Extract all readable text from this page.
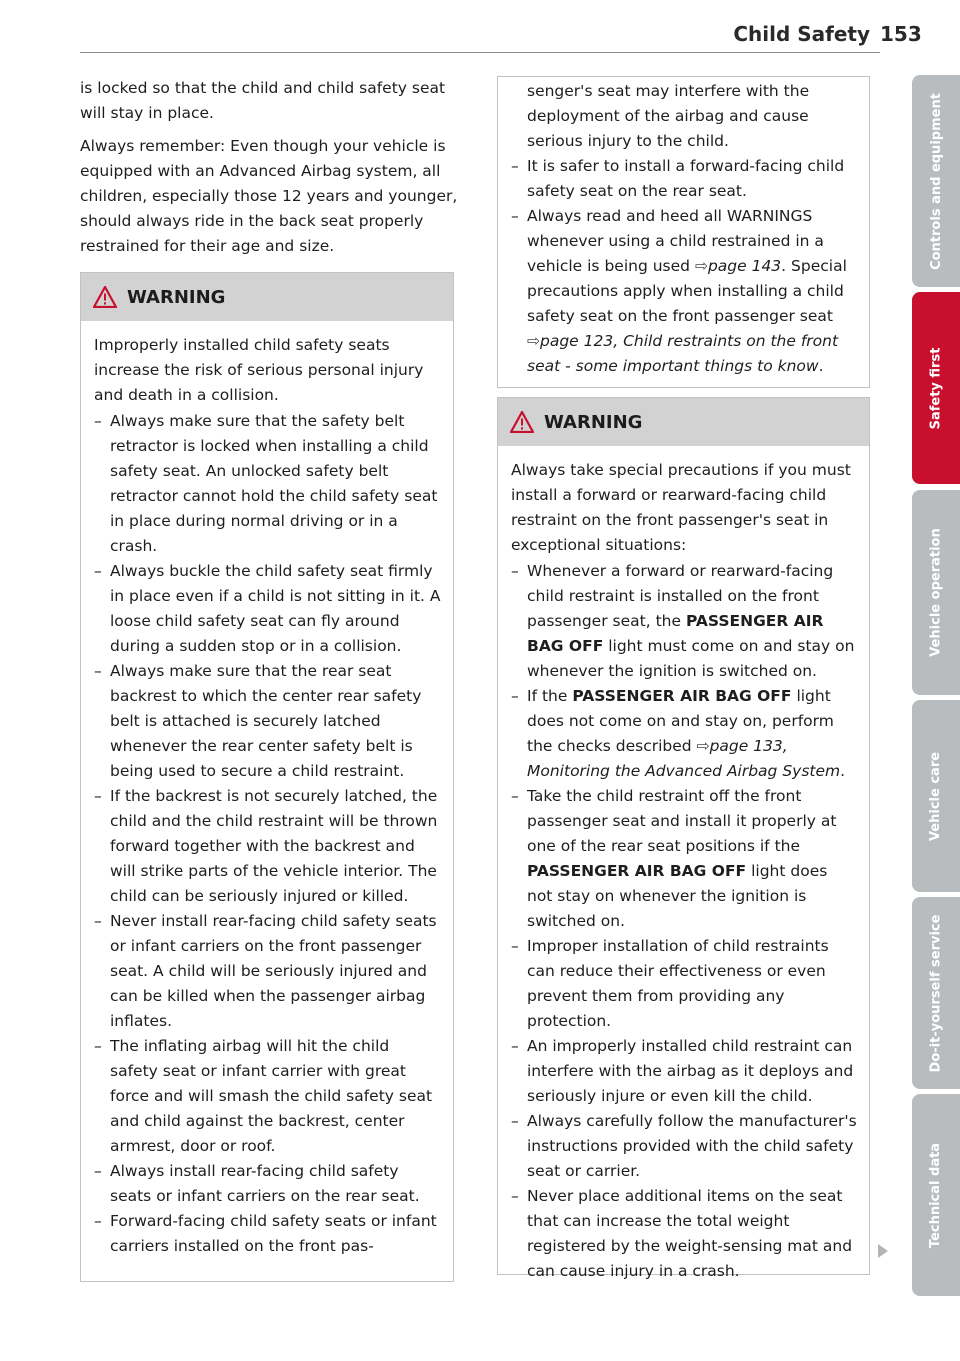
Child Safety 153

is locked so that the child and child safety seat will stay in place.

Always remember: Even though your vehicle is equipped with an Advanced Airbag system, all children, especially those 12 years and younger, should always ride in the back seat properly restrained for their age and size.

WARNING

Improperly installed child safety seats increase the risk of serious personal injury and death in a collision.

– Always make sure that the safety belt retractor is locked when installing a child safety seat. An unlocked safety belt retractor cannot hold the child safety seat in place during normal driving or in a crash.
– Always buckle the child safety seat firmly in place even if a child is not sitting in it. A loose child safety seat can fly around during a sudden stop or in a collision.
– Always make sure that the rear seat backrest to which the center rear safety belt is attached is securely latched whenever the rear center safety belt is being used to secure a child restraint.
– If the backrest is not securely latched, the child and the child restraint will be thrown forward together with the backrest and will strike parts of the vehicle interior. The child can be seriously injured or killed.
– Never install rear-facing child safety seats or infant carriers on the front passenger seat. A child will be seriously injured and can be killed when the passenger airbag inflates.
– The inflating airbag will hit the child safety seat or infant carrier with great force and will smash the child safety seat and child against the backrest, center armrest, door or roof.
– Always install rear-facing child safety seats or infant carriers on the rear seat.
– Forward-facing child safety seats or infant carriers installed on the front pas-
senger's seat may interfere with the deployment of the airbag and cause serious injury to the child.
– It is safer to install a forward-facing child safety seat on the rear seat.
– Always read and heed all WARNINGS whenever using a child restrained in a vehicle is being used ⇨page 143. Special precautions apply when installing a child safety seat on the front passenger seat ⇨page 123, Child restraints on the front seat - some important things to know.
WARNING

Always take special precautions if you must install a forward or rearward-facing child restraint on the front passenger's seat in exceptional situations:

– Whenever a forward or rearward-facing child restraint is installed on the front passenger seat, the PASSENGER AIR BAG OFF light must come on and stay on whenever the ignition is switched on.
– If the PASSENGER AIR BAG OFF light does not come on and stay on, perform the checks described ⇨page 133, Monitoring the Advanced Airbag System.
– Take the child restraint off the front passenger seat and install it properly at one of the rear seat positions if the PASSENGER AIR BAG OFF light does not stay on whenever the ignition is switched on.
– Improper installation of child restraints can reduce their effectiveness or even prevent them from providing any protection.
– An improperly installed child restraint can interfere with the airbag as it deploys and seriously injure or even kill the child.
– Always carefully follow the manufacturer's instructions provided with the child safety seat or carrier.
– Never place additional items on the seat that can increase the total weight registered by the weight-sensing mat and can cause injury in a crash.
Controls and equipment
Safety first
Vehicle operation
Vehicle care
Do-it-yourself service
Technical data
